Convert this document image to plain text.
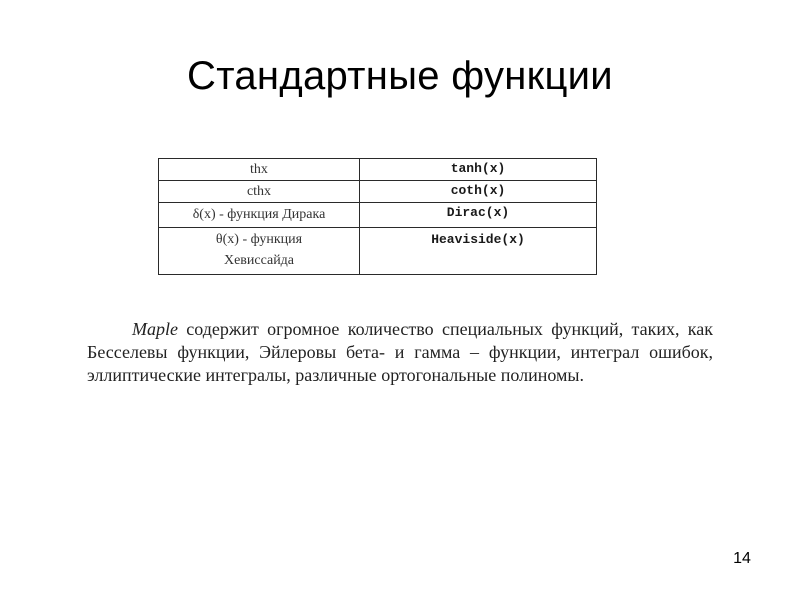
Стандартные функции
thx	tanh(x)
cthx	coth(x)
δ(x) - функция Дирака	Dirac(x)

θ(x) - функция
Хевиссайда	Heaviside(x)

Maple содержит огромное количество специальных функций, таких, как Бесселевы функции, Эйлеровы бета- и гамма – функции, интеграл ошибок, эллиптические интегралы, различные ортогональные полиномы.

14
